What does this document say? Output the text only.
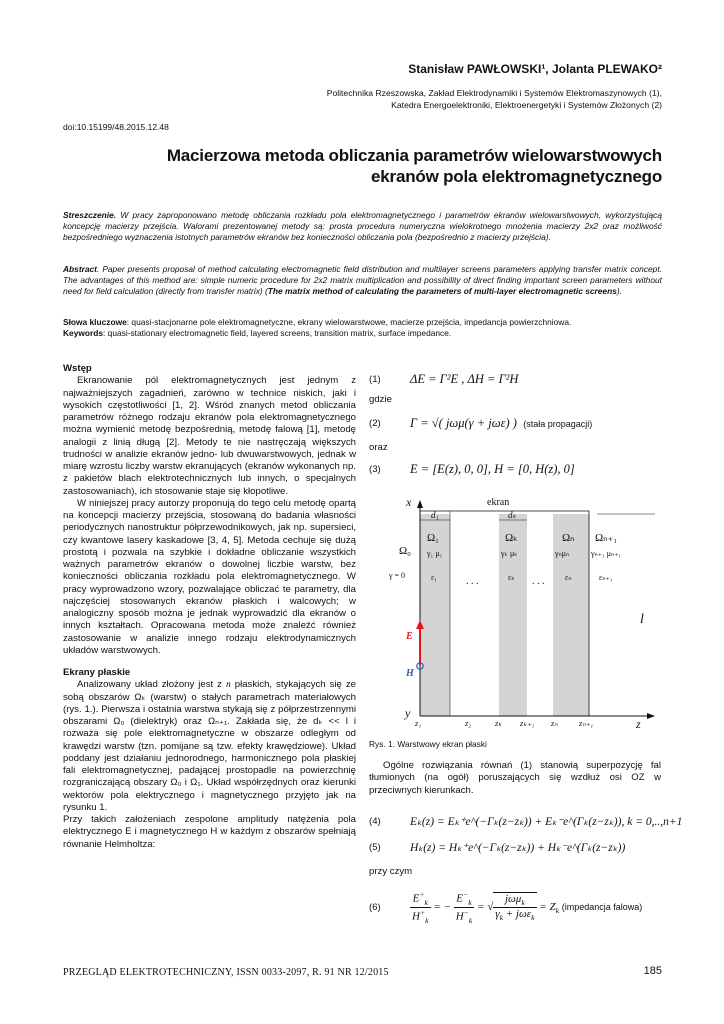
Stanisław PAWŁOWSKI¹, Jolanta PLEWAKO²
Politechnika Rzeszowska, Zakład Elektrodynamiki i Systemów Elektromaszynowych (1),
Katedra Energoelektroniki, Elektroenergetyki i Systemów Złożonych (2)
doi:10.15199/48.2015.12.48
Macierzowa metoda obliczania parametrów wielowarstwowych
ekranów pola elektromagnetycznego
Streszczenie. W pracy zaproponowano metodę obliczania rozkładu pola elektromagnetycznego i parametrów ekranów wielowarstwowych, wykorzystującą koncepcję macierzy przejścia. Walorami prezentowanej metody są: prosta procedura numeryczna wielokrotnego mnożenia macierzy 2x2 oraz możliwość bezpośredniego wyznaczenia istotnych parametrów ekranów bez konieczności obliczania pola (bezpośrednio z macierzy przejścia).
Abstract. Paper presents proposal of method calculating electromagnetic field distribution and multilayer screens parameters applying transfer matrix concept. The advantages of this method are: simple numeric procedure for 2x2 matrix multiplication and possibility of direct finding important screen parameters without need for field calculation (directly from transfer matrix) (The matrix method of calculating the parameters of multi-layer electromagnetic screens).
Słowa kluczowe: quasi-stacjonarne pole elektromagnetyczne, ekrany wielowarstwowe, macierze przejścia, impedancja powierzchniowa.
Keywords: quasi-stationary electromagnetic field, layered screens, transition matrix, surface impedance.

Wstęp

Ekranowanie pól elektromagnetycznych jest jednym z najważniejszych zagadnień, zarówno w technice niskich, jaki i wysokich częstotliwości [1, 2]. Wśród znanych metod obliczania parametrów różnego rodzaju ekranów pola elektromagnetycznego można wymienić metodę bezpośrednią, metodę falową [1], metodę analogii z linią długą [2]. Metody te nie nastręczają większych trudności w analizie ekranów jedno- lub dwuwarstwowych, jednak w miarę wzrostu liczby warstw ekranujących (ekranów wykonanych np. z pakietów blach elektrotechnicznych lub innych, o specjalnych zastosowaniach), ich stosowanie staje się kłopotliwe.

W niniejszej pracy autorzy proponują do tego celu metodę opartą na koncepcji macierzy przejścia, stosowaną do badania własności periodycznych nanostruktur półprzewodnikowych, jak np. supersieci, czy kwantowe lasery kaskadowe [3, 4, 5]. Metoda cechuje się dużą prostotą i pozwala na szybkie i dokładne obliczanie wszystkich ważnych parametrów ekranów o dowolnej liczbie warstw, bez konieczności obliczania rozkładu pola elektromagnetycznego. W pracy wyprowadzono wzory, pozwalające obliczać te parametry, dla najczęściej stosowanych ekranów płaskich i walcowych; w analogiczny sposób można je jednak wyprowadzić dla ekranów o innych kształtach. Opracowana metoda może znaleźć również zastosowanie w analizie innego rodzaju elektrodynamicznych układów warstwowych.

Ekrany płaskie

Analizowany układ złożony jest z n płaskich, stykających się ze sobą obszarów Ωₖ (warstw) o stałych parametrach materiałowych (rys. 1.). Pierwsza i ostatnia warstwa stykają się z półprzestrzennymi obszarami Ω₀ (dielektryk) oraz Ωₙ₊₁. Zakłada się, że dₖ << l i rozważa się pole elektromagnetyczne w obszarze odległym od krawędzi warstw (tzn. pomijane są tzw. efekty krawędziowe). Układ poddany jest działaniu jednorodnego, harmonicznego pola płaskiej fali elektromagnetycznej, padającej prostopadle na powierzchnię rozgraniczającą obszary Ω₀ i Ω₁. Układ współrzędnych oraz kierunki wektorów pola elektrycznego i magnetycznego przyjęto jak na rysunku 1.

Przy takich założeniach zespolone amplitudy natężenia pola elektrycznego E i magnetycznego H w każdym z obszarów spełniają równanie Helmholtza:

(1) ΔE = Γ²E , ΔH = Γ²H
gdzie
(2) Γ = √( jωμ(γ + jωε) ) (stała propagacji)
oraz
(3) E = [E(z), 0, 0], H = [0, H(z), 0]
x
y
z
ekran
d₁	dₖ
l
Ω₀
γ = 0
Ω₁
γ₁ μ₁
ε₁
Ωₖ
γₖ μₖ
εₖ
Ωₙ
γₙμₙ
εₙ
Ωₙ₊₁
γₙ₊₁ μₙ₊₁
εₙ₊₁
. . .	. . .
E
H
z₁	z₂	zₖ zₖ₊₁ zₙ	zₙ₊₁
Rys. 1. Warstwowy ekran płaski

Ogólne rozwiązania równań (1) stanowią superpozycję fal tłumionych (na ogół) poruszających się wzdłuż osi OZ w przeciwnych kierunkach.

(4)	Eₖ(z) = Eₖ⁺e^(−Γₖ(z−zₖ)) + Eₖ⁻e^(Γₖ(z−zₖ)), k = 0,..,n+1
(5)	Hₖ(z) = Hₖ⁺e^(−Γₖ(z−zₖ)) + Hₖ⁻e^(Γₖ(z−zₖ))
przy czym
(6)	$\frac{E^+_k}{H^+_k}$ = − $\frac{E^-_k}{H^-_k}$ = √ $\frac{j\omega\mu_k}{\gamma_k + j\omega\varepsilon_k} = Z_k$ (impedancja falowa)
PRZEGLĄD ELEKTROTECHNICZNY, ISSN 0033-2097, R. 91 NR 12/2015	185
